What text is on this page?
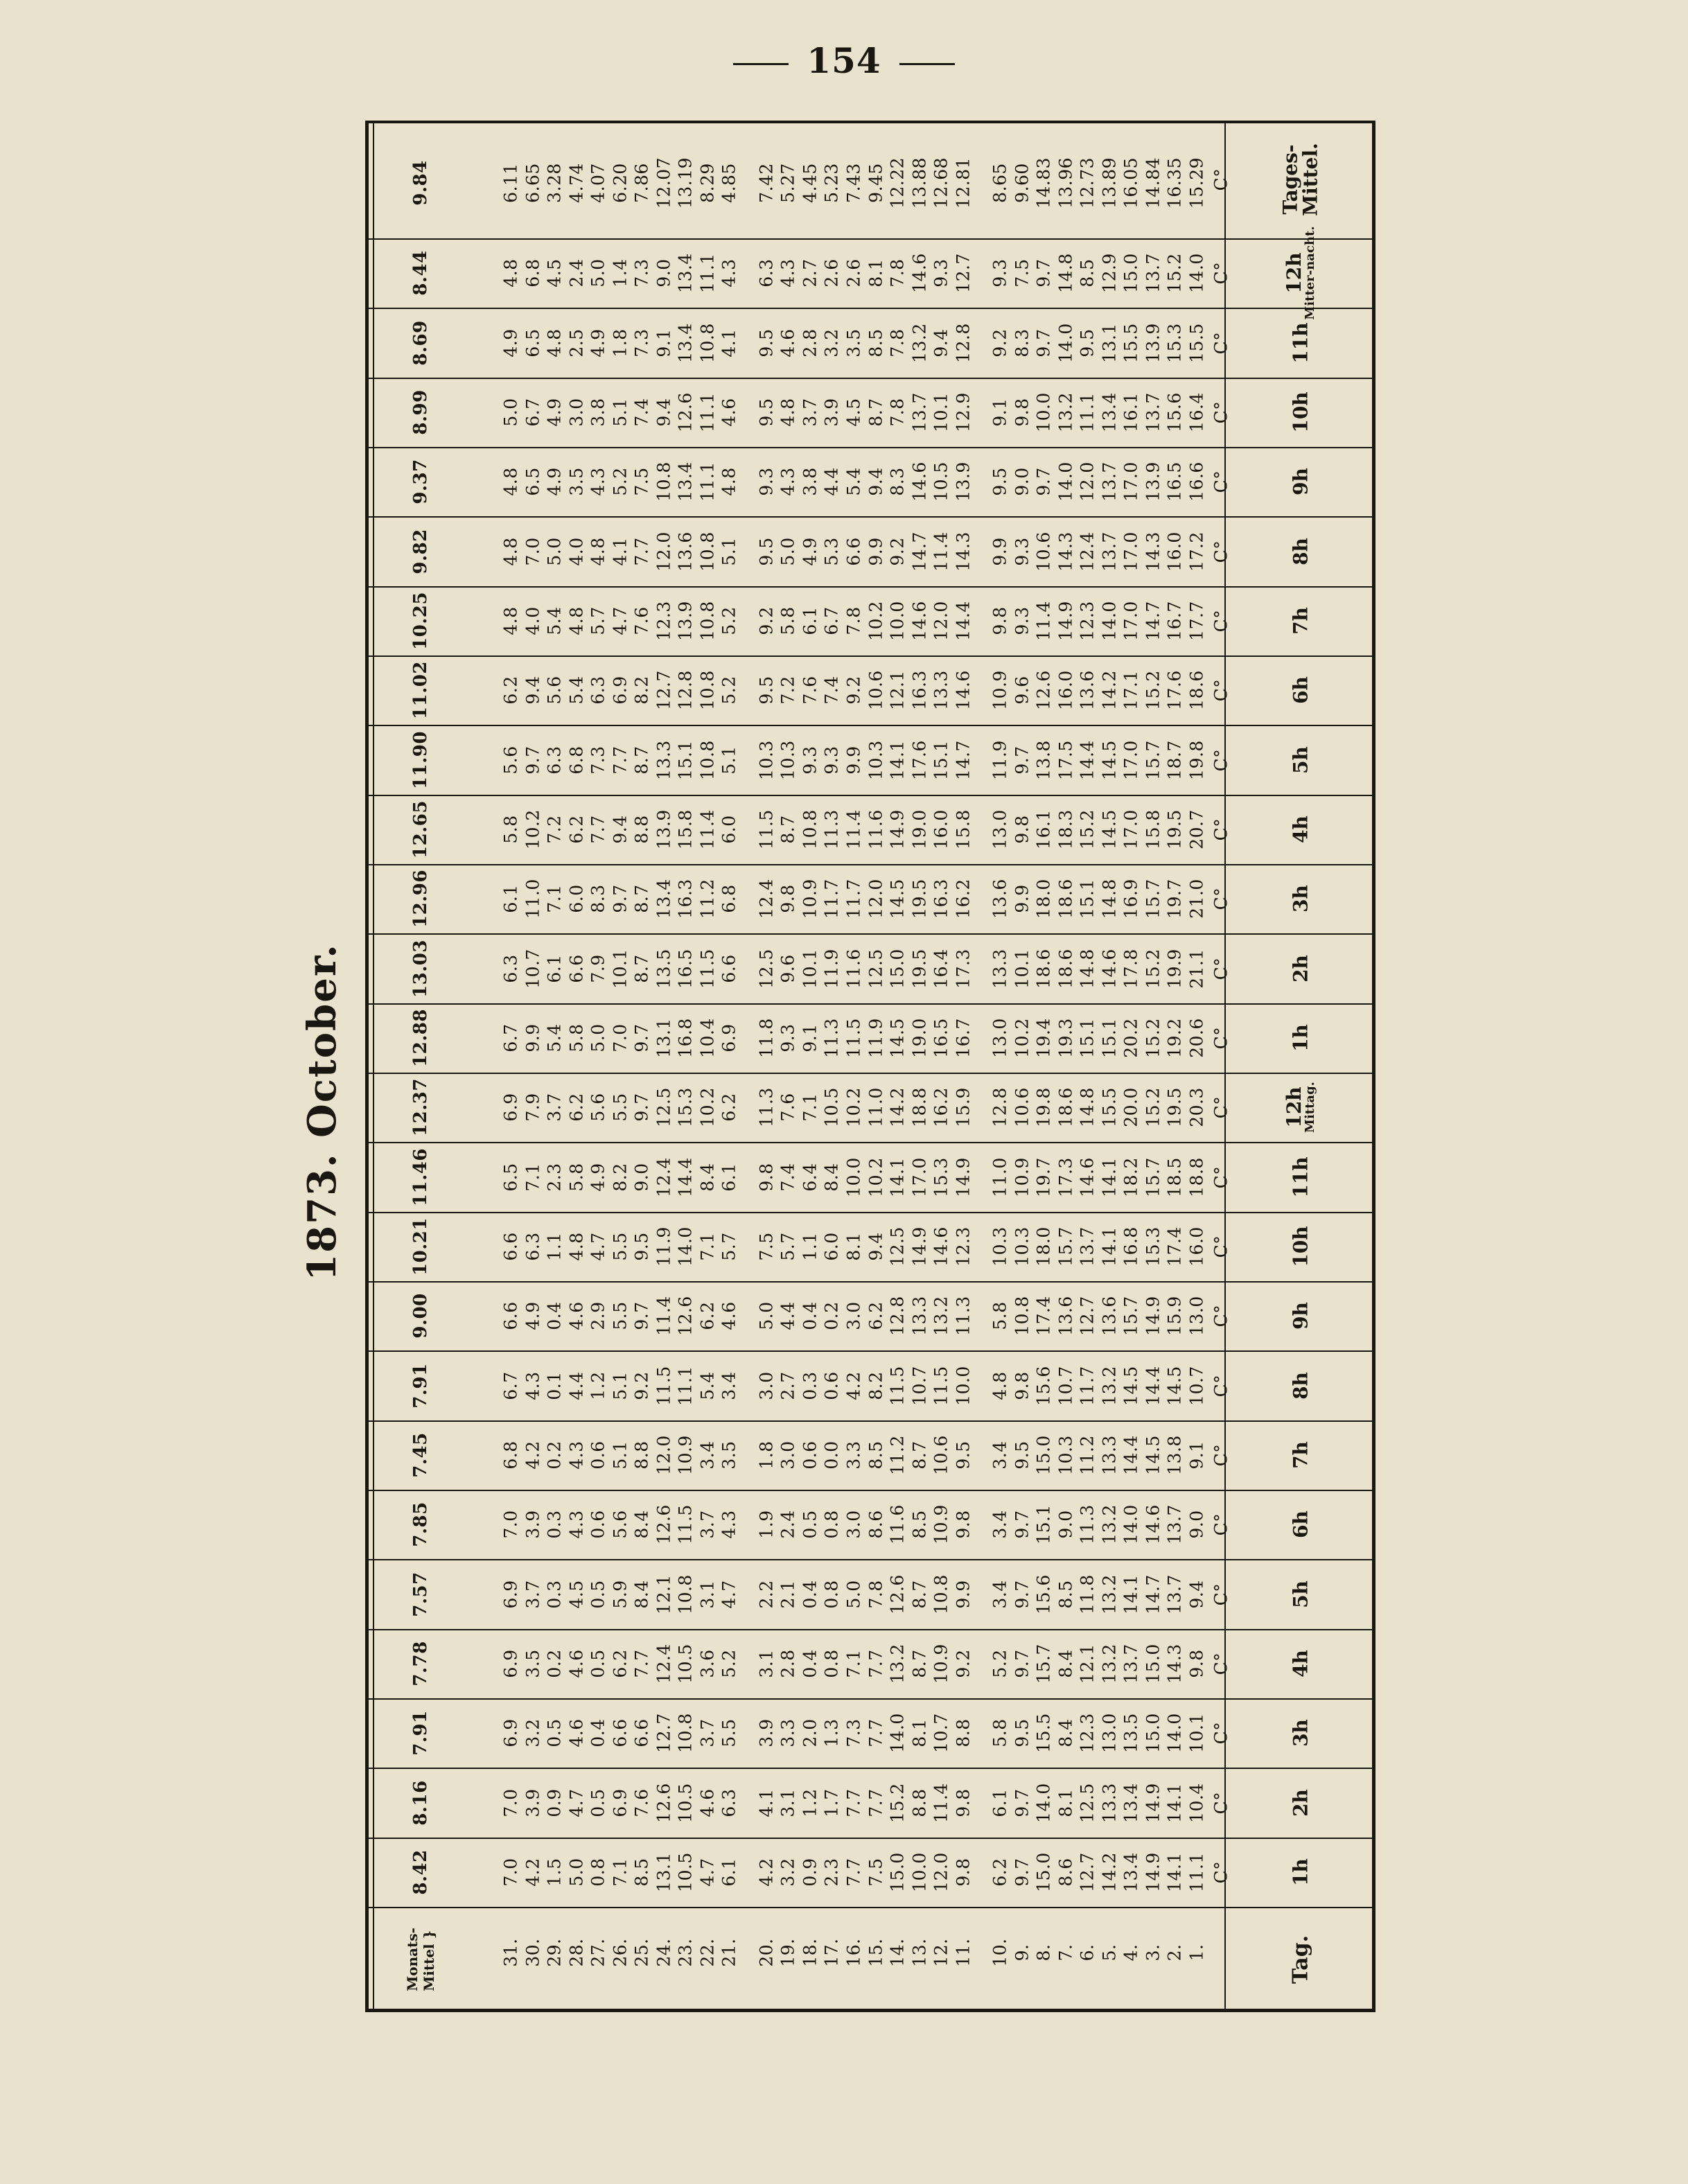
154
1873. October.
1h
2h
3h
4h
5h
6h
7h
8h
9h
10h
11h
12h
Mittag.
1h
2h
3h
4h
5h
6h
7h
8h
9h
10h
11h
12h
Mitter-nacht.
Tages-
Mittel.
Tag.
C°
C°
C°
C°
C°
C°
C°
C°
C°
C°
C°
C°
C°
C°
C°
C°
C°
C°
C°
C°
C°
C°
C°
C°
C°
1.
2.
3.
4.
5.
6.
7.
8.
9.
10.
11.
12.
13.
14.
15.
16.
17.
18.
19.
20.
21.
22.
23.
24.
25.
26.
27.
28.
29.
30.
31.
Monats-
Mittel }
11.1
14.1
14.9
13.4
14.2
12.7
8.6
15.0
9.7
6.2
9.8
12.0
10.0
15.0
7.5
7.7
2.3
0.9
3.2
4.2
6.1
4.7
10.5
13.1
8.5
7.1
0.8
5.0
1.5
4.2
7.0
8.42
10.4
14.1
14.9
13.4
13.3
12.5
8.1
14.0
9.7
6.1
9.8
11.4
8.8
15.2
7.7
7.7
1.7
1.2
3.1
4.1
6.3
4.6
10.5
12.6
7.6
6.9
0.5
4.7
0.9
3.9
7.0
8.16
10.1
14.0
15.0
13.5
13.0
12.3
8.4
15.5
9.5
5.8
8.8
10.7
8.1
14.0
7.7
7.3
1.3
2.0
3.3
3.9
5.5
3.7
10.8
12.7
6.6
6.6
0.4
4.6
0.5
3.2
6.9
7.91
9.8
14.3
15.0
13.7
13.2
12.1
8.4
15.7
9.7
5.2
9.2
10.9
8.7
13.2
7.7
7.1
0.8
0.4
2.8
3.1
5.2
3.6
10.5
12.4
7.7
6.2
0.5
4.6
0.2
3.5
6.9
7.78
9.4
13.7
14.7
14.1
13.2
11.8
8.5
15.6
9.7
3.4
9.9
10.8
8.7
12.6
7.8
5.0
0.8
0.4
2.1
2.2
4.7
3.1
10.8
12.1
8.4
5.9
0.5
4.5
0.3
3.7
6.9
7.57
9.0
13.7
14.6
14.0
13.2
11.3
9.0
15.1
9.7
3.4
9.8
10.9
8.5
11.6
8.6
3.0
0.8
0.5
2.4
1.9
4.3
3.7
11.5
12.6
8.4
5.6
0.6
4.3
0.3
3.9
7.0
7.85
9.1
13.8
14.5
14.4
13.3
11.2
10.3
15.0
9.5
3.4
9.5
10.6
8.7
11.2
8.5
3.3
0.0
0.6
3.0
1.8
3.5
3.4
10.9
12.0
8.8
5.1
0.6
4.3
0.2
4.2
6.8
7.45
10.7
14.5
14.4
14.5
13.2
11.7
10.7
15.6
9.8
4.8
10.0
11.5
10.7
11.5
8.2
4.2
0.6
0.3
2.7
3.0
3.4
5.4
11.1
11.5
9.2
5.1
1.2
4.4
0.1
4.3
6.7
7.91
13.0
15.9
14.9
15.7
13.6
12.7
13.6
17.4
10.8
5.8
11.3
13.2
13.3
12.8
6.2
3.0
0.2
0.4
4.4
5.0
4.6
6.2
12.6
11.4
9.7
5.5
2.9
4.6
0.4
4.9
6.6
9.00
16.0
17.4
15.3
16.8
14.1
13.7
15.7
18.0
10.3
10.3
12.3
14.6
14.9
12.5
9.4
8.1
6.0
1.1
5.7
7.5
5.7
7.1
14.0
11.9
9.5
5.5
4.7
4.8
1.1
6.3
6.6
10.21
18.8
18.5
15.7
18.2
14.1
14.6
17.3
19.7
10.9
11.0
14.9
15.3
17.0
14.1
10.2
10.0
8.4
6.4
7.4
9.8
6.1
8.4
14.4
12.4
9.0
8.2
4.9
5.8
2.3
7.1
6.5
11.46
20.3
19.5
15.2
20.0
15.5
14.8
18.6
19.8
10.6
12.8
15.9
16.2
18.8
14.2
11.0
10.2
10.5
7.1
7.6
11.3
6.2
10.2
15.3
12.5
9.7
5.5
5.6
6.2
3.7
7.9
6.9
12.37
20.6
19.2
15.2
20.2
15.1
15.1
19.3
19.4
10.2
13.0
16.7
16.5
19.0
14.5
11.9
11.5
11.3
9.1
9.3
11.8
6.9
10.4
16.8
13.1
9.7
7.0
5.0
5.8
5.4
9.9
6.7
12.88
21.1
19.9
15.2
17.8
14.6
14.8
18.6
18.6
10.1
13.3
17.3
16.4
19.5
15.0
12.5
11.6
11.9
10.1
9.6
12.5
6.6
11.5
16.5
13.5
8.7
10.1
7.9
6.6
6.1
10.7
6.3
13.03
21.0
19.7
15.7
16.9
14.8
15.1
18.6
18.0
9.9
13.6
16.2
16.3
19.5
14.5
12.0
11.7
11.7
10.9
9.8
12.4
6.8
11.2
16.3
13.4
8.7
9.7
8.3
6.0
7.1
11.0
6.1
12.96
20.7
19.5
15.8
17.0
14.5
15.2
18.3
16.1
9.8
13.0
15.8
16.0
19.0
14.9
11.6
11.4
11.3
10.8
8.7
11.5
6.0
11.4
15.8
13.9
8.8
9.4
7.7
6.2
7.2
10.2
5.8
12.65
19.8
18.7
15.7
17.0
14.5
14.4
17.5
13.8
9.7
11.9
14.7
15.1
17.6
14.1
10.3
9.9
9.3
9.3
10.3
10.3
5.1
10.8
15.1
13.3
8.7
7.7
7.3
6.8
6.3
9.7
5.6
11.90
18.6
17.6
15.2
17.1
14.2
13.6
16.0
12.6
9.6
10.9
14.6
13.3
16.3
12.1
10.6
9.2
7.4
7.6
7.2
9.5
5.2
10.8
12.8
12.7
8.2
6.9
6.3
5.4
5.6
9.4
6.2
11.02
17.7
16.7
14.7
17.0
14.0
12.3
14.9
11.4
9.3
9.8
14.4
12.0
14.6
10.0
10.2
7.8
6.7
6.1
5.8
9.2
5.2
10.8
13.9
12.3
7.6
4.7
5.7
4.8
5.4
4.0
4.8
10.25
17.2
16.0
14.3
17.0
13.7
12.4
14.3
10.6
9.3
9.9
14.3
11.4
14.7
9.2
9.9
6.6
5.3
4.9
5.0
9.5
5.1
10.8
13.6
12.0
7.7
4.1
4.8
4.0
5.0
7.0
4.8
9.82
16.6
16.5
13.9
17.0
13.7
12.0
14.0
9.7
9.0
9.5
13.9
10.5
14.6
8.3
9.4
5.4
4.4
3.8
4.3
9.3
4.8
11.1
13.4
10.8
7.5
5.2
4.3
3.5
4.9
6.5
4.8
9.37
16.4
15.6
13.7
16.1
13.4
11.1
13.2
10.0
9.8
9.1
12.9
10.1
13.7
7.8
8.7
4.5
3.9
3.7
4.8
9.5
4.6
11.1
12.6
9.4
7.4
5.1
3.8
3.0
4.9
6.7
5.0
8.99
15.5
15.3
13.9
15.5
13.1
9.5
14.0
9.7
8.3
9.2
12.8
9.4
13.2
7.8
8.5
3.5
3.2
2.8
4.6
9.5
4.1
10.8
13.4
9.1
7.3
1.8
4.9
2.5
4.8
6.5
4.9
8.69
14.0
15.2
13.7
15.0
12.9
8.5
14.8
9.7
7.5
9.3
12.7
9.3
14.6
7.8
8.1
2.6
2.6
2.7
4.3
6.3
4.3
11.1
13.4
9.0
7.3
1.4
5.0
2.4
4.5
6.8
4.8
8.44
15.29
16.35
14.84
16.05
13.89
12.73
13.96
14.83
9.60
8.65
12.81
12.68
13.88
12.22
9.45
7.43
5.23
4.45
5.27
7.42
4.85
8.29
13.19
12.07
7.86
6.20
4.07
4.74
3.28
6.65
6.11
9.84
